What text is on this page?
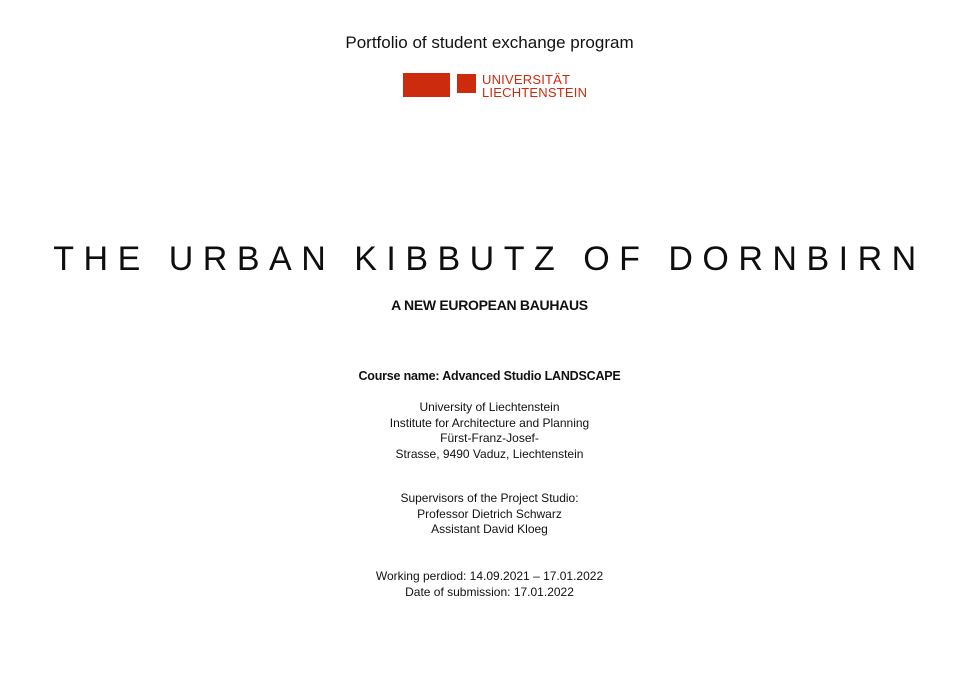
Portfolio of student exchange program
UNIVERSITÄT
LIECHTENSTEIN
THE URBAN KIBBUTZ OF DORNBIRN
A NEW EUROPEAN BAUHAUS
Course name: Advanced Studio LANDSCAPE
University of Liechtenstein
Institute for Architecture and Planning
Fürst-Franz-Josef-
Strasse, 9490 Vaduz, Liechtenstein
Supervisors of the Project Studio:
Professor Dietrich Schwarz
Assistant David Kloeg
Working perdiod: 14.09.2021 – 17.01.2022
Date of submission: 17.01.2022
